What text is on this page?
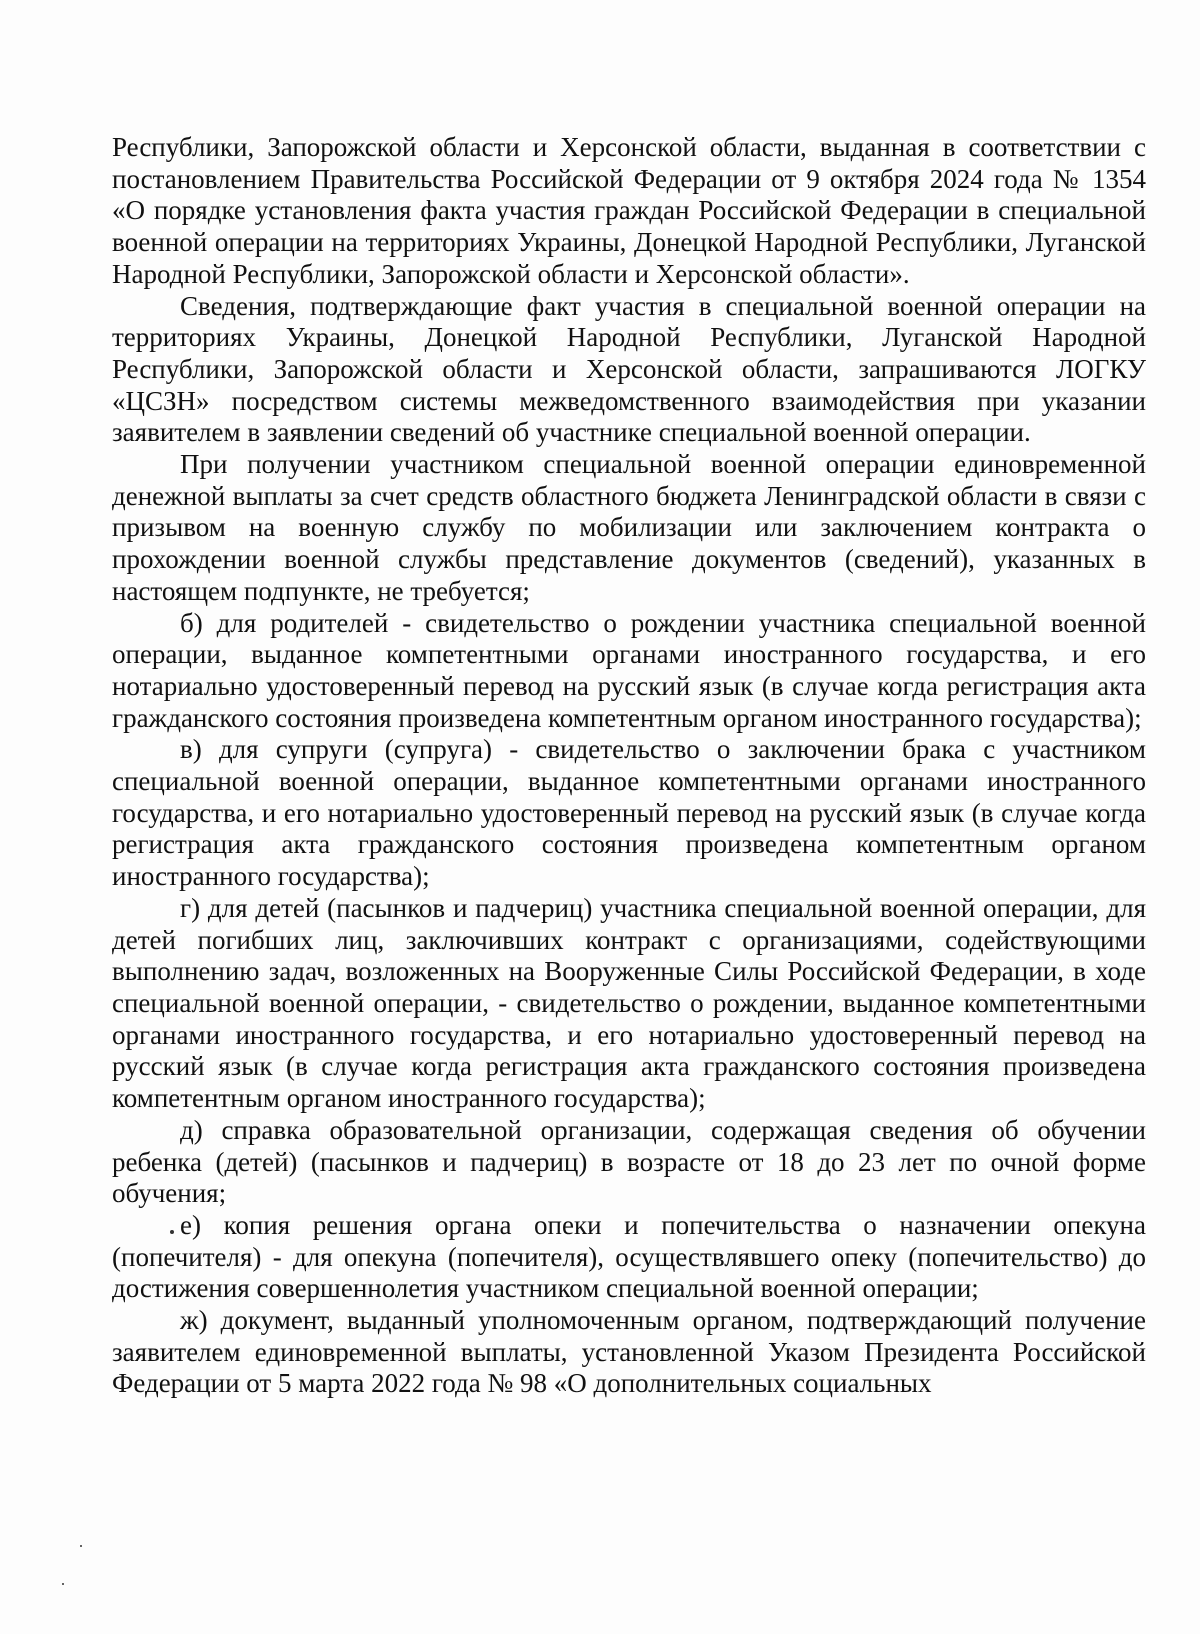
Республики, Запорожской области и Херсонской области, выданная в соответствии с постановлением Правительства Российской Федерации от 9 октября 2024 года № 1354 «О порядке установления факта участия граждан Российской Федерации в специальной военной операции на территориях Украины, Донецкой Народной Республики, Луганской Народной Республики, Запорожской области и Херсонской области».

Сведения, подтверждающие факт участия в специальной военной операции на территориях Украины, Донецкой Народной Республики, Луганской Народной Республики, Запорожской области и Херсонской области, запрашиваются ЛОГКУ «ЦСЗН» посредством системы межведомственного взаимодействия при указании заявителем в заявлении сведений об участнике специальной военной операции.

При получении участником специальной военной операции единовременной денежной выплаты за счет средств областного бюджета Ленинградской области в связи с призывом на военную службу по мобилизации или заключением контракта о прохождении военной службы представление документов (сведений), указанных в настоящем подпункте, не требуется;

б) для родителей - свидетельство о рождении участника специальной военной операции, выданное компетентными органами иностранного государства, и его нотариально удостоверенный перевод на русский язык (в случае когда регистрация акта гражданского состояния произведена компетентным органом иностранного государства);

в) для супруги (супруга) - свидетельство о заключении брака с участником специальной военной операции, выданное компетентными органами иностранного государства, и его нотариально удостоверенный перевод на русский язык (в случае когда регистрация акта гражданского состояния произведена компетентным органом иностранного государства);

г) для детей (пасынков и падчериц) участника специальной военной операции, для детей погибших лиц, заключивших контракт с организациями, содействующими выполнению задач, возложенных на Вооруженные Силы Российской Федерации, в ходе специальной военной операции, - свидетельство о рождении, выданное компетентными органами иностранного государства, и его нотариально удостоверенный перевод на русский язык (в случае когда регистрация акта гражданского состояния произведена компетентным органом иностранного государства);

д) справка образовательной организации, содержащая сведения об обучении ребенка (детей) (пасынков и падчериц) в возрасте от 18 до 23 лет по очной форме обучения;

е) копия решения органа опеки и попечительства о назначении опекуна (попечителя) - для опекуна (попечителя), осуществлявшего опеку (попечительство) до достижения совершеннолетия участником специальной военной операции;

ж) документ, выданный уполномоченным органом, подтверждающий получение заявителем единовременной выплаты, установленной Указом Президента Российской Федерации от 5 марта 2022 года № 98 «О дополнительных социальных
